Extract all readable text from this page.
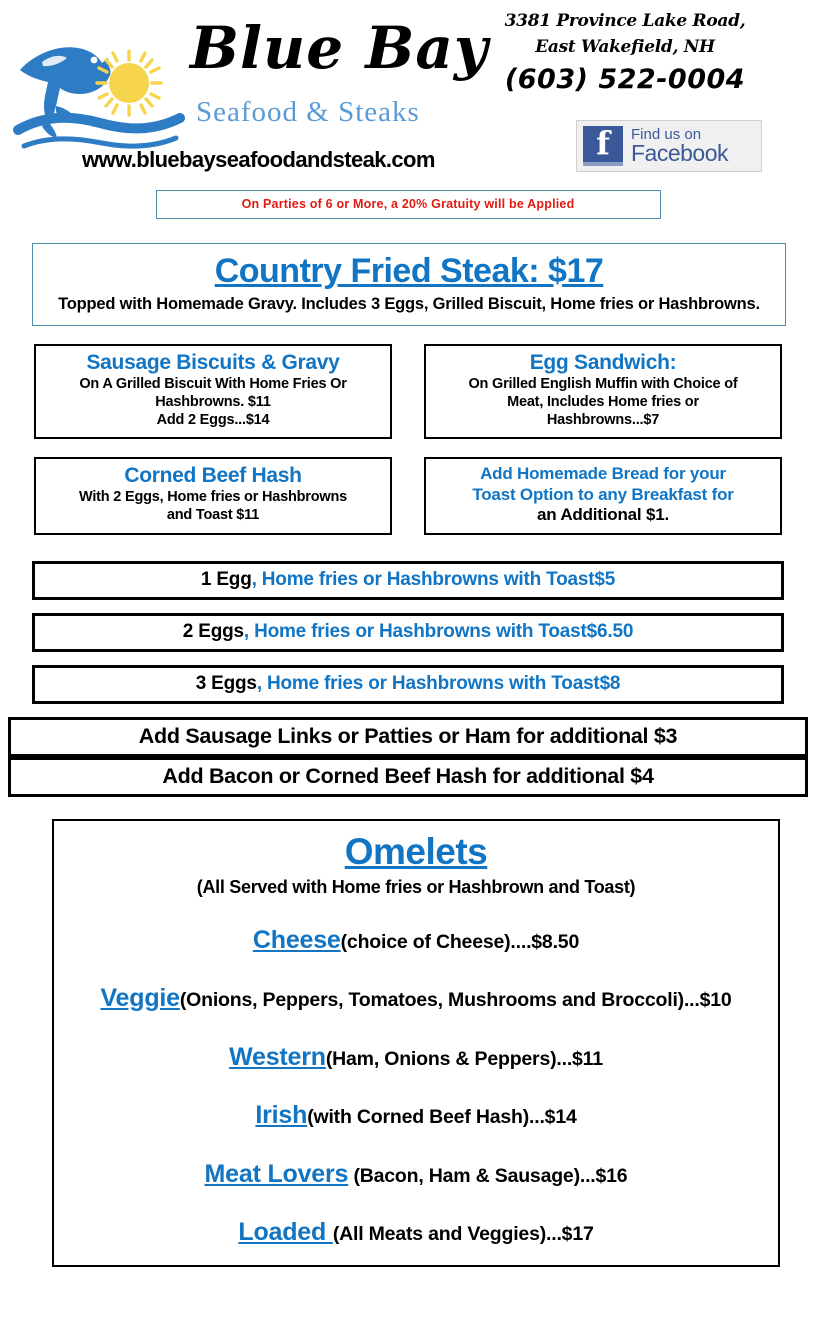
Blue Bay
Seafood & Steaks
www.bluebayseafoodandsteak.com
3381 Province Lake Road,
East Wakefield, NH
(603) 522-0004
f
Find us on
Facebook
On Parties of 6 or More, a 20% Gratuity will be Applied
Country Fried Steak: $17
Topped with Homemade Gravy. Includes 3 Eggs, Grilled Biscuit, Home fries or Hashbrowns.
Sausage Biscuits & Gravy
On A Grilled Biscuit With Home Fries Or
Hashbrowns. $11
Add 2 Eggs...$14
Egg Sandwich:
On Grilled English Muffin with Choice of
Meat, Includes Home fries or
Hashbrowns...$7
Corned Beef Hash
With 2 Eggs, Home fries or Hashbrowns
and Toast $11
Add Homemade Bread for your
Toast Option to any Breakfast for
an Additional $1.
1 Egg, Home fries or Hashbrowns with Toast$5
2 Eggs, Home fries or Hashbrowns with Toast$6.50
3 Eggs, Home fries or Hashbrowns with Toast$8
Add Sausage Links or Patties or Ham for additional $3
Add Bacon or Corned Beef Hash for additional $4
Omelets
(All Served with Home fries or Hashbrown and Toast)
Cheese(choice of Cheese)....$8.50
Veggie(Onions, Peppers, Tomatoes, Mushrooms and Broccoli)...$10
Western(Ham, Onions & Peppers)...$11
Irish(with Corned Beef Hash)...$14
Meat Lovers (Bacon, Ham & Sausage)...$16
Loaded (All Meats and Veggies)...$17
